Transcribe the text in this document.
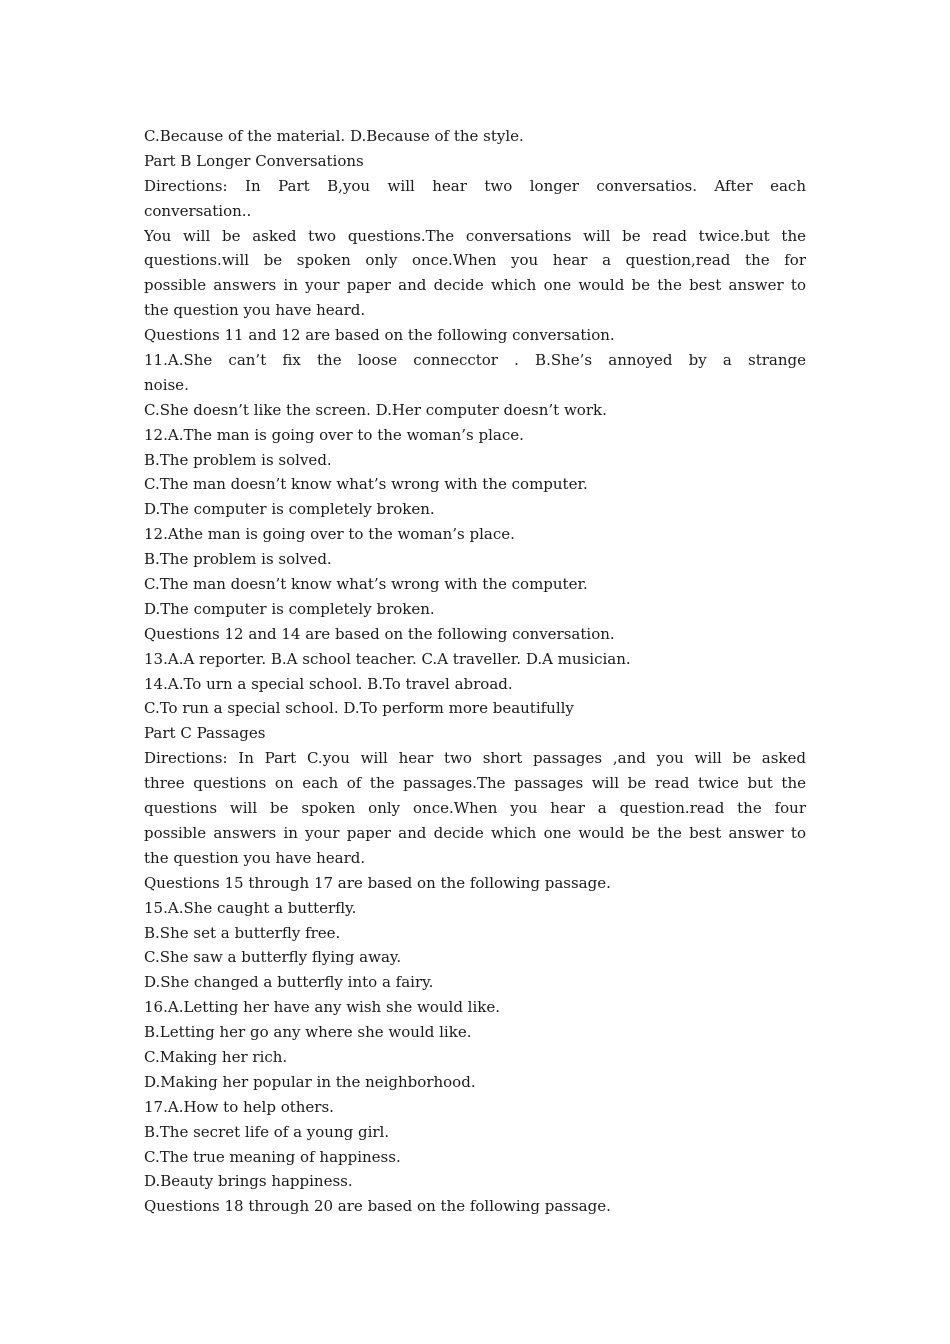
C.Because of the material. D.Because of the style.
Part B Longer Conversations
Directions: In Part B,you will hear two longer conversatios. After each
conversation..
You will be asked two questions.The conversations will be read twice.but the
questions.will be spoken only once.When you hear a question,read the for
possible answers in your paper and decide which one would be the best answer to
the question you have heard.
Questions 11 and 12 are based on the following conversation.
11.A.She can’t fix the loose connecctor . B.She’s annoyed by a strange
noise.
C.She doesn’t like the screen. D.Her computer doesn’t work.
12.A.The man is going over to the woman’s place.
B.The problem is solved.
C.The man doesn’t know what’s wrong with the computer.
D.The computer is completely broken.
12.Athe man is going over to the woman’s place.
B.The problem is solved.
C.The man doesn’t know what’s wrong with the computer.
D.The computer is completely broken.
Questions 12 and 14 are based on the following conversation.
13.A.A reporter. B.A school teacher. C.A traveller. D.A musician.
14.A.To urn a special school. B.To travel abroad.
C.To run a special school. D.To perform more beautifully
Part C Passages
Directions: In Part C.you will hear two short passages ,and you will be asked
three questions on each of the passages.The passages will be read twice but the
questions will be spoken only once.When you hear a question.read the four
possible answers in your paper and decide which one would be the best answer to
the question you have heard.
Questions 15 through 17 are based on the following passage.
15.A.She caught a butterfly.
B.She set a butterfly free.
C.She saw a butterfly flying away.
D.She changed a butterfly into a fairy.
16.A.Letting her have any wish she would like.
B.Letting her go any where she would like.
C.Making her rich.
D.Making her popular in the neighborhood.
17.A.How to help others.
B.The secret life of a young girl.
C.The true meaning of happiness.
D.Beauty brings happiness.
Questions 18 through 20 are based on the following passage.
